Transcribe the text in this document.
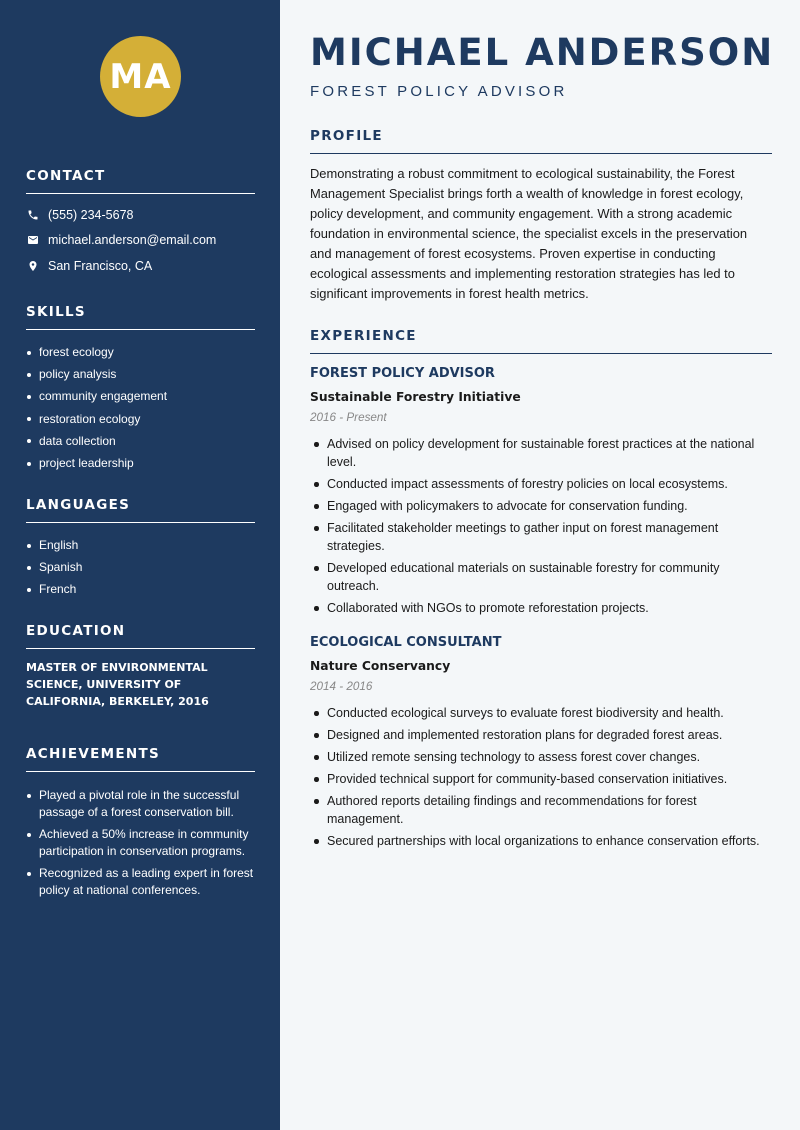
MA
CONTACT
(555) 234-5678
michael.anderson@email.com
San Francisco, CA
SKILLS
forest ecology
policy analysis
community engagement
restoration ecology
data collection
project leadership
LANGUAGES
English
Spanish
French
EDUCATION
MASTER OF ENVIRONMENTAL SCIENCE, UNIVERSITY OF CALIFORNIA, BERKELEY, 2016
ACHIEVEMENTS
Played a pivotal role in the successful passage of a forest conservation bill.
Achieved a 50% increase in community participation in conservation programs.
Recognized as a leading expert in forest policy at national conferences.
MICHAEL ANDERSON
FOREST POLICY ADVISOR
PROFILE
Demonstrating a robust commitment to ecological sustainability, the Forest Management Specialist brings forth a wealth of knowledge in forest ecology, policy development, and community engagement. With a strong academic foundation in environmental science, the specialist excels in the preservation and management of forest ecosystems. Proven expertise in conducting ecological assessments and implementing restoration strategies has led to significant improvements in forest health metrics.
EXPERIENCE
FOREST POLICY ADVISOR
Sustainable Forestry Initiative
2016 - Present
Advised on policy development for sustainable forest practices at the national level.
Conducted impact assessments of forestry policies on local ecosystems.
Engaged with policymakers to advocate for conservation funding.
Facilitated stakeholder meetings to gather input on forest management strategies.
Developed educational materials on sustainable forestry for community outreach.
Collaborated with NGOs to promote reforestation projects.
ECOLOGICAL CONSULTANT
Nature Conservancy
2014 - 2016
Conducted ecological surveys to evaluate forest biodiversity and health.
Designed and implemented restoration plans for degraded forest areas.
Utilized remote sensing technology to assess forest cover changes.
Provided technical support for community-based conservation initiatives.
Authored reports detailing findings and recommendations for forest management.
Secured partnerships with local organizations to enhance conservation efforts.
